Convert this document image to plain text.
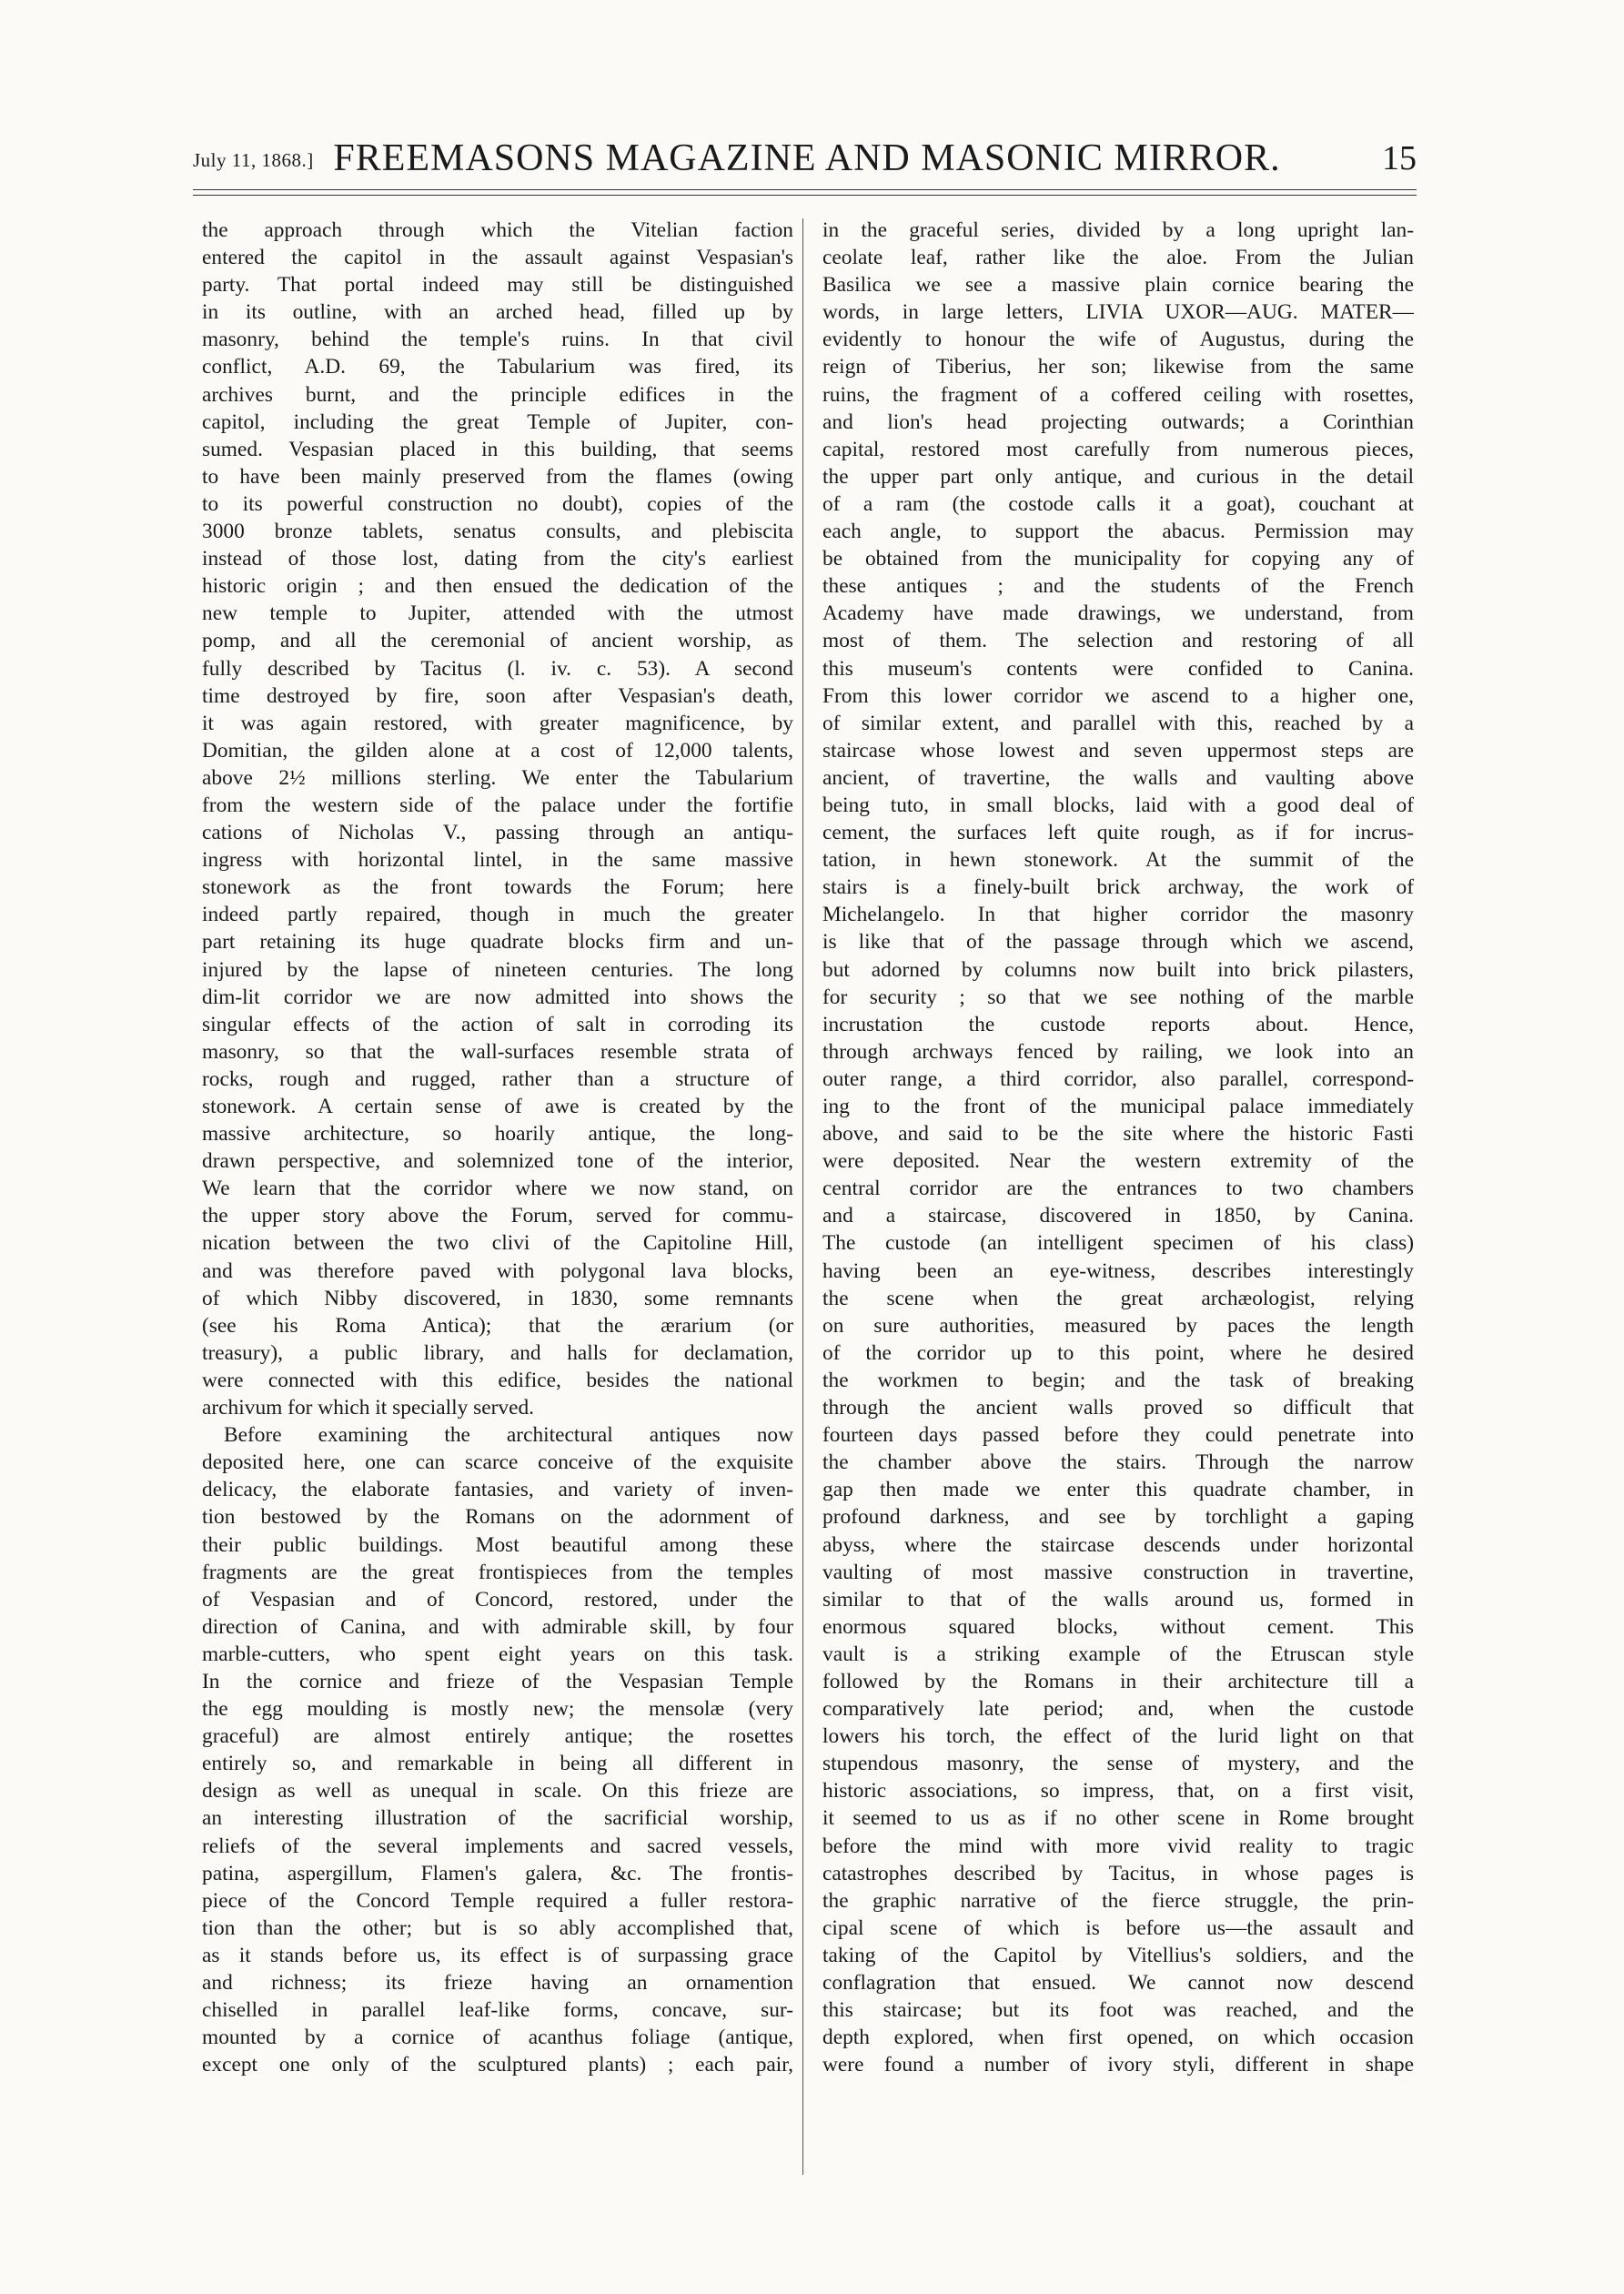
July 11, 1868.] FREEMASONS MAGAZINE AND MASONIC MIRROR.	15
the approach through which the Vitelian faction
entered the capitol in the assault against Vespasian's
party. That portal indeed may still be distinguished
in its outline, with an arched head, filled up by
masonry, behind the temple's ruins. In that civil
conflict, A.D. 69, the Tabularium was fired, its
archives burnt, and the principle edifices in the
capitol, including the great Temple of Jupiter, con-
sumed. Vespasian placed in this building, that seems
to have been mainly preserved from the flames (owing
to its powerful construction no doubt), copies of the
3000 bronze tablets, senatus consults, and plebiscita
instead of those lost, dating from the city's earliest
historic origin ; and then ensued the dedication of the
new temple to Jupiter, attended with the utmost
pomp, and all the ceremonial of ancient worship, as
fully described by Tacitus (l. iv. c. 53). A second
time destroyed by fire, soon after Vespasian's death,
it was again restored, with greater magnificence, by
Domitian, the gilden alone at a cost of 12,000 talents,
above 2½ millions sterling. We enter the Tabularium
from the western side of the palace under the fortifie
cations of Nicholas V., passing through an antiqu-
ingress with horizontal lintel, in the same massive
stonework as the front towards the Forum; here
indeed partly repaired, though in much the greater
part retaining its huge quadrate blocks firm and un-
injured by the lapse of nineteen centuries. The long
dim-lit corridor we are now admitted into shows the
singular effects of the action of salt in corroding its
masonry, so that the wall-surfaces resemble strata of
rocks, rough and rugged, rather than a structure of
stonework. A certain sense of awe is created by the
massive architecture, so hoarily antique, the long-
drawn perspective, and solemnized tone of the interior,
We learn that the corridor where we now stand, on
the upper story above the Forum, served for commu-
nication between the two clivi of the Capitoline Hill,
and was therefore paved with polygonal lava blocks,
of which Nibby discovered, in 1830, some remnants
(see his Roma Antica); that the ærarium (or
treasury), a public library, and halls for declamation,
were connected with this edifice, besides the national
archivum for which it specially served.
Before examining the architectural antiques now
deposited here, one can scarce conceive of the exquisite
delicacy, the elaborate fantasies, and variety of inven-
tion bestowed by the Romans on the adornment of
their public buildings. Most beautiful among these
fragments are the great frontispieces from the temples
of Vespasian and of Concord, restored, under the
direction of Canina, and with admirable skill, by four
marble-cutters, who spent eight years on this task.
In the cornice and frieze of the Vespasian Temple
the egg moulding is mostly new; the mensolæ (very
graceful) are almost entirely antique; the rosettes
entirely so, and remarkable in being all different in
design as well as unequal in scale. On this frieze are
an interesting illustration of the sacrificial worship,
reliefs of the several implements and sacred vessels,
patina, aspergillum, Flamen's galera, &c. The frontis-
piece of the Concord Temple required a fuller restora-
tion than the other; but is so ably accomplished that,
as it stands before us, its effect is of surpassing grace
and richness; its frieze having an ornamention
chiselled in parallel leaf-like forms, concave, sur-
mounted by a cornice of acanthus foliage (antique,
except one only of the sculptured plants) ; each pair,
in the graceful series, divided by a long upright lan-
ceolate leaf, rather like the aloe. From the Julian
Basilica we see a massive plain cornice bearing the
words, in large letters, LIVIA UXOR—AUG. MATER—
evidently to honour the wife of Augustus, during the
reign of Tiberius, her son; likewise from the same
ruins, the fragment of a coffered ceiling with rosettes,
and lion's head projecting outwards; a Corinthian
capital, restored most carefully from numerous pieces,
the upper part only antique, and curious in the detail
of a ram (the costode calls it a goat), couchant at
each angle, to support the abacus. Permission may
be obtained from the municipality for copying any of
these antiques ; and the students of the French
Academy have made drawings, we understand, from
most of them. The selection and restoring of all
this museum's contents were confided to Canina.
From this lower corridor we ascend to a higher one,
of similar extent, and parallel with this, reached by a
staircase whose lowest and seven uppermost steps are
ancient, of travertine, the walls and vaulting above
being tuto, in small blocks, laid with a good deal of
cement, the surfaces left quite rough, as if for incrus-
tation, in hewn stonework. At the summit of the
stairs is a finely-built brick archway, the work of
Michelangelo. In that higher corridor the masonry
is like that of the passage through which we ascend,
but adorned by columns now built into brick pilasters,
for security ; so that we see nothing of the marble
incrustation the custode reports about. Hence,
through archways fenced by railing, we look into an
outer range, a third corridor, also parallel, correspond-
ing to the front of the municipal palace immediately
above, and said to be the site where the historic Fasti
were deposited. Near the western extremity of the
central corridor are the entrances to two chambers
and a staircase, discovered in 1850, by Canina.
The custode (an intelligent specimen of his class)
having been an eye-witness, describes interestingly
the scene when the great archæologist, relying
on sure authorities, measured by paces the length
of the corridor up to this point, where he desired
the workmen to begin; and the task of breaking
through the ancient walls proved so difficult that
fourteen days passed before they could penetrate into
the chamber above the stairs. Through the narrow
gap then made we enter this quadrate chamber, in
profound darkness, and see by torchlight a gaping
abyss, where the staircase descends under horizontal
vaulting of most massive construction in travertine,
similar to that of the walls around us, formed in
enormous squared blocks, without cement. This
vault is a striking example of the Etruscan style
followed by the Romans in their architecture till a
comparatively late period; and, when the custode
lowers his torch, the effect of the lurid light on that
stupendous masonry, the sense of mystery, and the
historic associations, so impress, that, on a first visit,
it seemed to us as if no other scene in Rome brought
before the mind with more vivid reality to tragic
catastrophes described by Tacitus, in whose pages is
the graphic narrative of the fierce struggle, the prin-
cipal scene of which is before us—the assault and
taking of the Capitol by Vitellius's soldiers, and the
conflagration that ensued. We cannot now descend
this staircase; but its foot was reached, and the
depth explored, when first opened, on which occasion
were found a number of ivory styli, different in shape
